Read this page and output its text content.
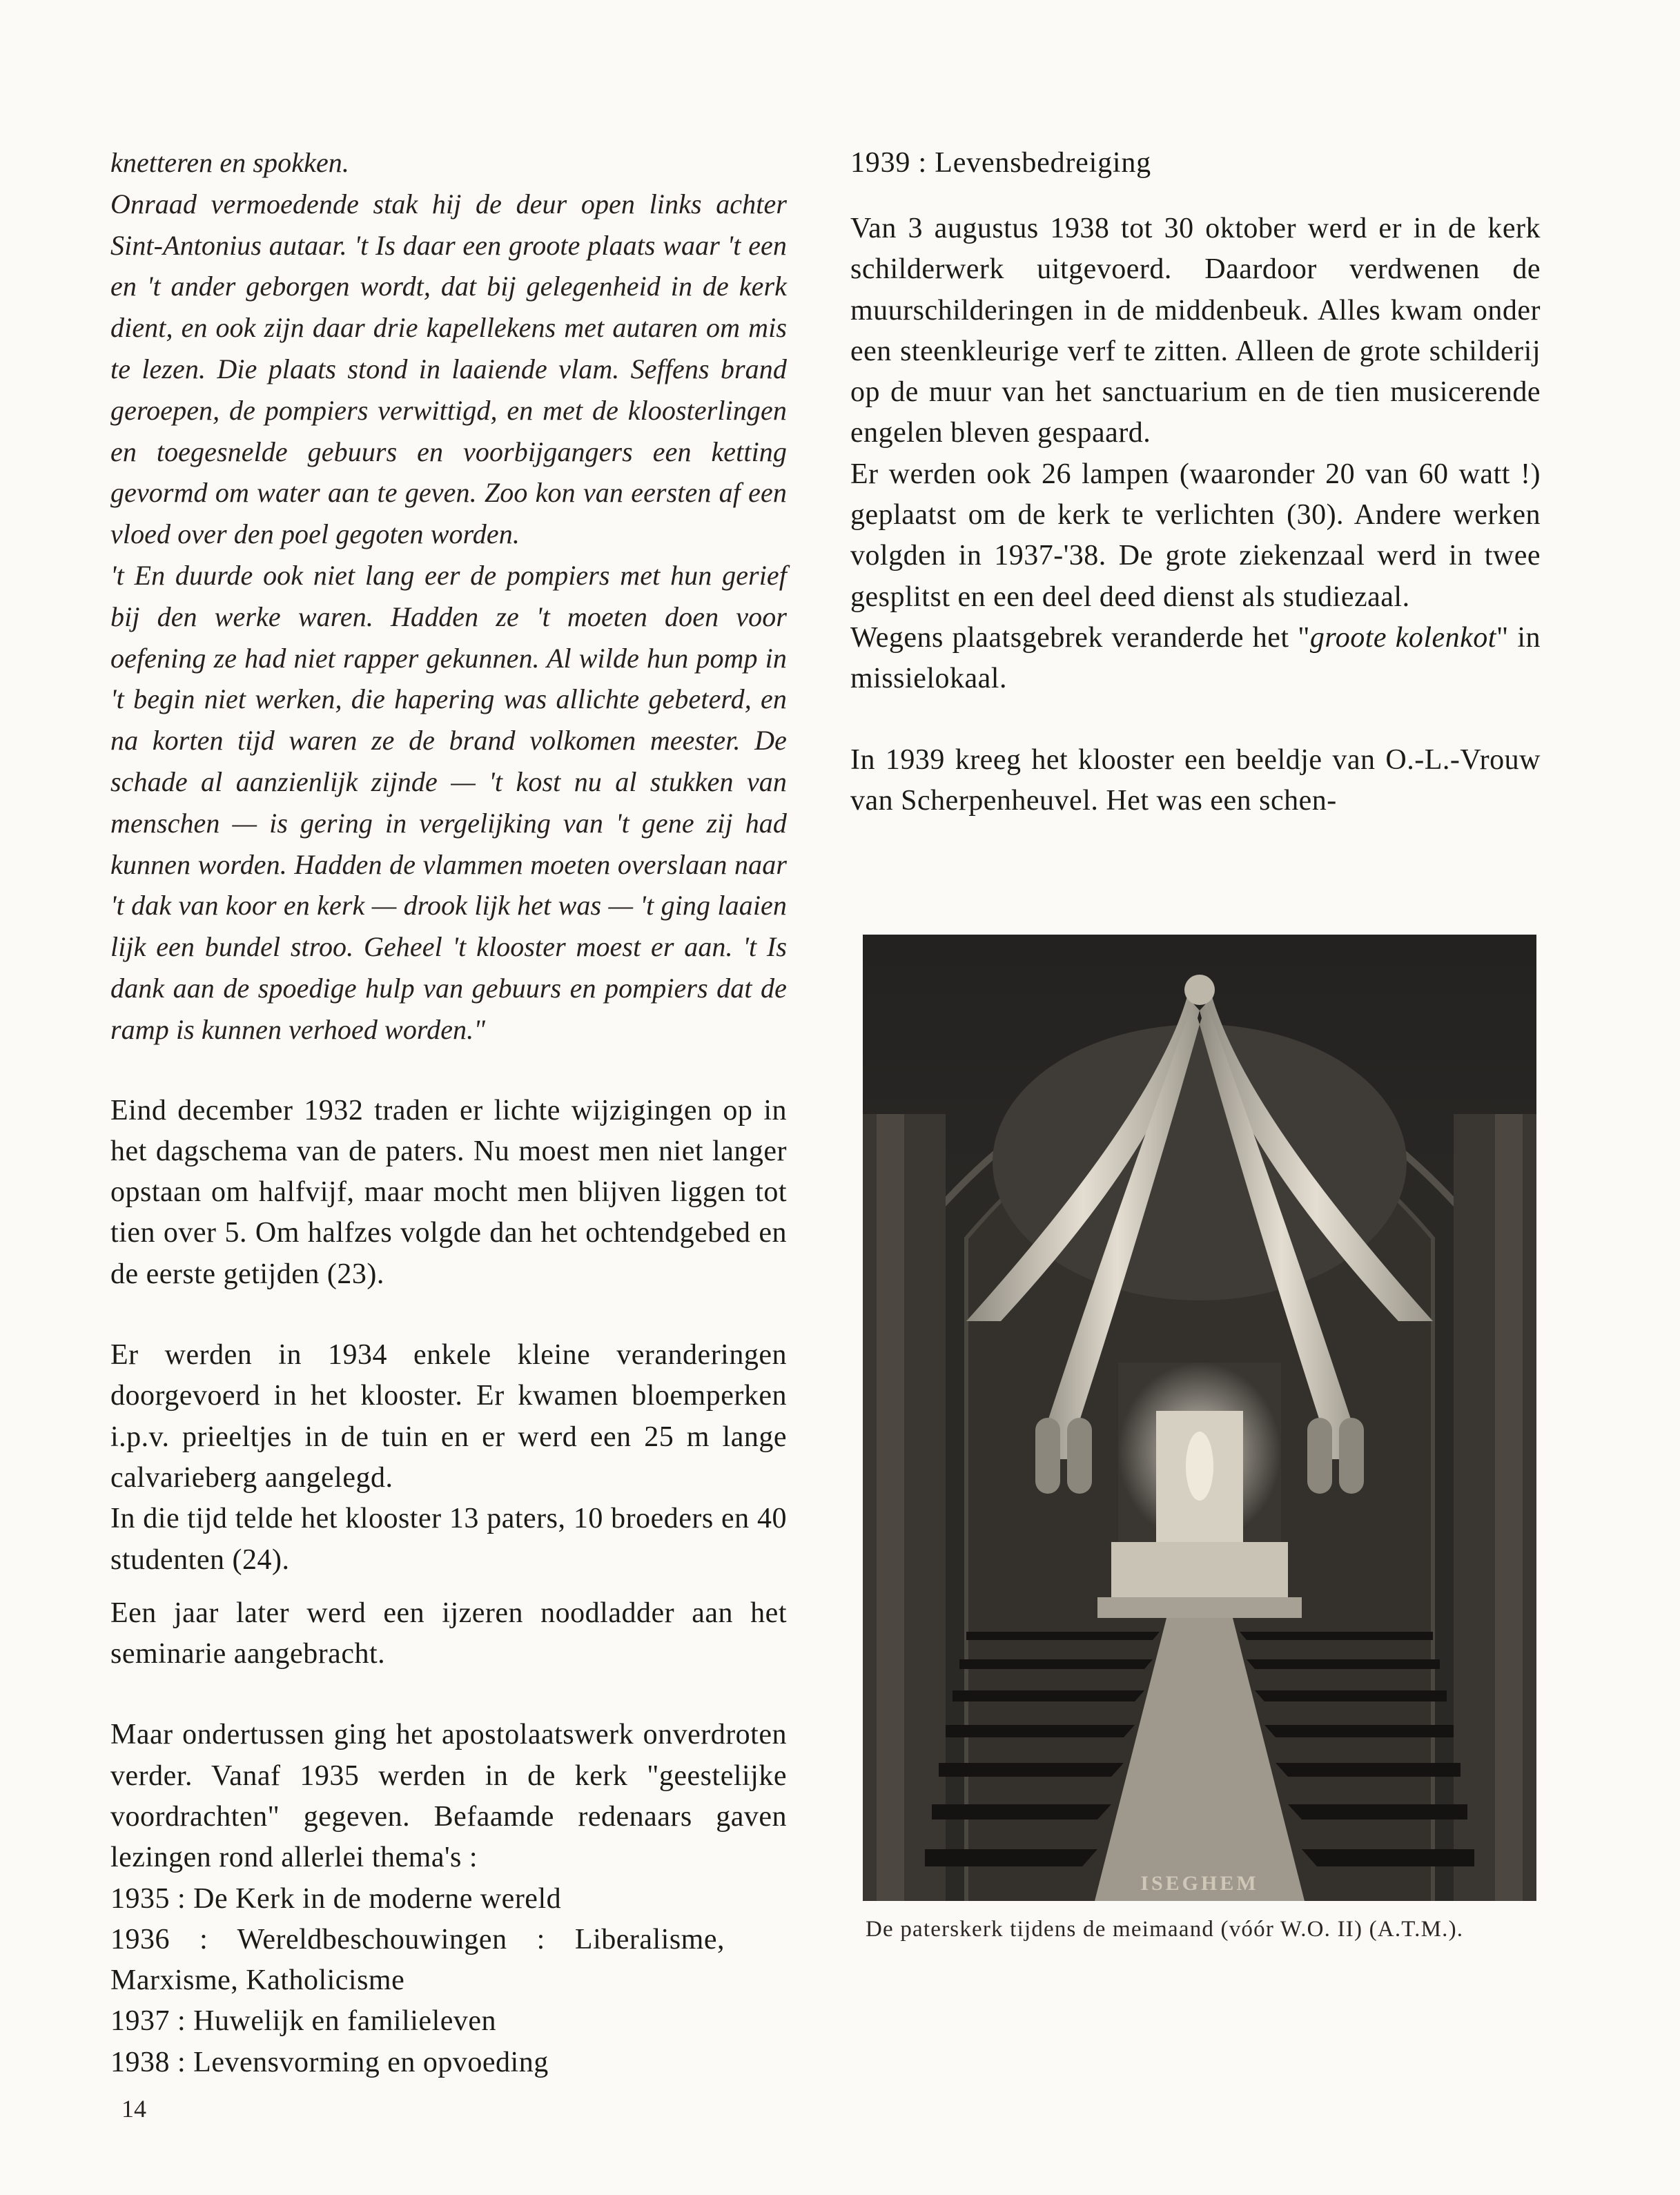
knetteren en spokken.

Onraad vermoedende stak hij de deur open links achter Sint-Antonius autaar. 't Is daar een groote plaats waar 't een en 't ander geborgen wordt, dat bij gelegenheid in de kerk dient, en ook zijn daar drie kapellekens met autaren om mis te lezen. Die plaats stond in laaiende vlam. Seffens brand geroepen, de pompiers verwittigd, en met de kloosterlingen en toegesnelde gebuurs en voorbijgangers een ketting gevormd om water aan te geven. Zoo kon van eersten af een vloed over den poel gegoten worden.

't En duurde ook niet lang eer de pompiers met hun gerief bij den werke waren. Hadden ze 't moeten doen voor oefening ze had niet rapper gekunnen. Al wilde hun pomp in 't begin niet werken, die hapering was allichte gebeterd, en na korten tijd waren ze de brand volkomen meester. De schade al aanzienlijk zijnde — 't kost nu al stukken van menschen — is gering in vergelijking van 't gene zij had kunnen worden. Hadden de vlammen moeten overslaan naar 't dak van koor en kerk — drook lijk het was — 't ging laaien lijk een bundel stroo. Geheel 't klooster moest er aan. 't Is dank aan de spoedige hulp van gebuurs en pompiers dat de ramp is kunnen verhoed worden."

Eind december 1932 traden er lichte wijzigingen op in het dagschema van de paters. Nu moest men niet langer opstaan om halfvijf, maar mocht men blijven liggen tot tien over 5. Om halfzes volgde dan het ochtendgebed en de eerste getijden (23).

Er werden in 1934 enkele kleine veranderingen doorgevoerd in het klooster. Er kwamen bloemperken i.p.v. prieeltjes in de tuin en er werd een 25 m lange calvarieberg aangelegd.

In die tijd telde het klooster 13 paters, 10 broeders en 40 studenten (24).

Een jaar later werd een ijzeren noodladder aan het seminarie aangebracht.

Maar ondertussen ging het apostolaatswerk onverdroten verder. Vanaf 1935 werden in de kerk "geestelijke voordrachten" gegeven. Befaamde redenaars gaven lezingen rond allerlei thema's :

1935 : De Kerk in de moderne wereld

1936 : Wereldbeschouwingen : Liberalisme, Marxisme, Katholicisme

1937 : Huwelijk en familieleven

1938 : Levensvorming en opvoeding

1939 : Levensbedreiging

Van 3 augustus 1938 tot 30 oktober werd er in de kerk schilderwerk uitgevoerd. Daardoor verdwenen de muurschilderingen in de middenbeuk. Alles kwam onder een steenkleurige verf te zitten. Alleen de grote schilderij op de muur van het sanctuarium en de tien musicerende engelen bleven gespaard.

Er werden ook 26 lampen (waaronder 20 van 60 watt !) geplaatst om de kerk te verlichten (30). Andere werken volgden in 1937-'38. De grote ziekenzaal werd in twee gesplitst en een deel deed dienst als studiezaal.

Wegens plaatsgebrek veranderde het "groote kolenkot" in missielokaal.

In 1939 kreeg het klooster een beeldje van O.-L.-Vrouw van Scherpenheuvel. Het was een schen-

ISEGHEM

De paterskerk tijdens de meimaand (vóór W.O. II) (A.T.M.).

14
